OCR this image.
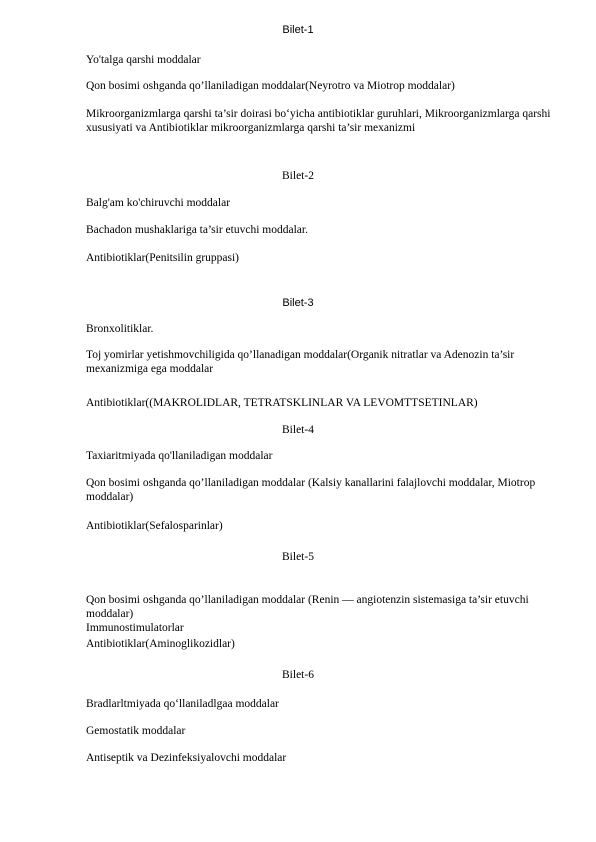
Bilet-1
Yo'talga qarshi moddalar
Qon bosimi oshganda qo’llaniladigan moddalar(Neyrotro va Miotrop moddalar)
Mikroorganizmlarga qarshi ta’sir doirasi bo‘yicha antibiotiklar guruhlari, Mikroorganizmlarga qarshi xususiyati va Antibiotiklar mikroorganizmlarga qarshi ta’sir mexanizmi
Bilet-2
Balg'am ko'chiruvchi moddalar
Bachadon mushaklariga ta’sir etuvchi moddalar.
Antibiotiklar(Penitsilin gruppasi)
Bilet-3
Bronxolitiklar.
Toj yomirlar yetishmovchiligida qo’llanadigan moddalar(Organik nitratlar va Adenozin ta’sir mexanizmiga ega moddalar
Antibiotiklar((MAKROLIDLAR, TETRATSKLINLAR VA LEVOMTTSETINLAR)
Bilet-4
Taxiaritmiyada qo'llaniladigan moddalar
Qon bosimi oshganda qo’llaniladigan moddalar (Kalsiy kanallarini falajlovchi moddalar, Miotrop moddalar)
Antibiotiklar(Sefalosparinlar)
Bilet-5
Qon bosimi oshganda qo’llaniladigan moddalar (Renin — angiotenzin sistemasiga ta’sir etuvchi moddalar)
Immunostimulatorlar
Antibiotiklar(Aminoglikozidlar)
Bilet-6
Bradlarltmiyada qo‘llaniladlgaa moddalar
Gemostatik moddalar
Antiseptik va Dezinfeksiyalovchi moddalar
